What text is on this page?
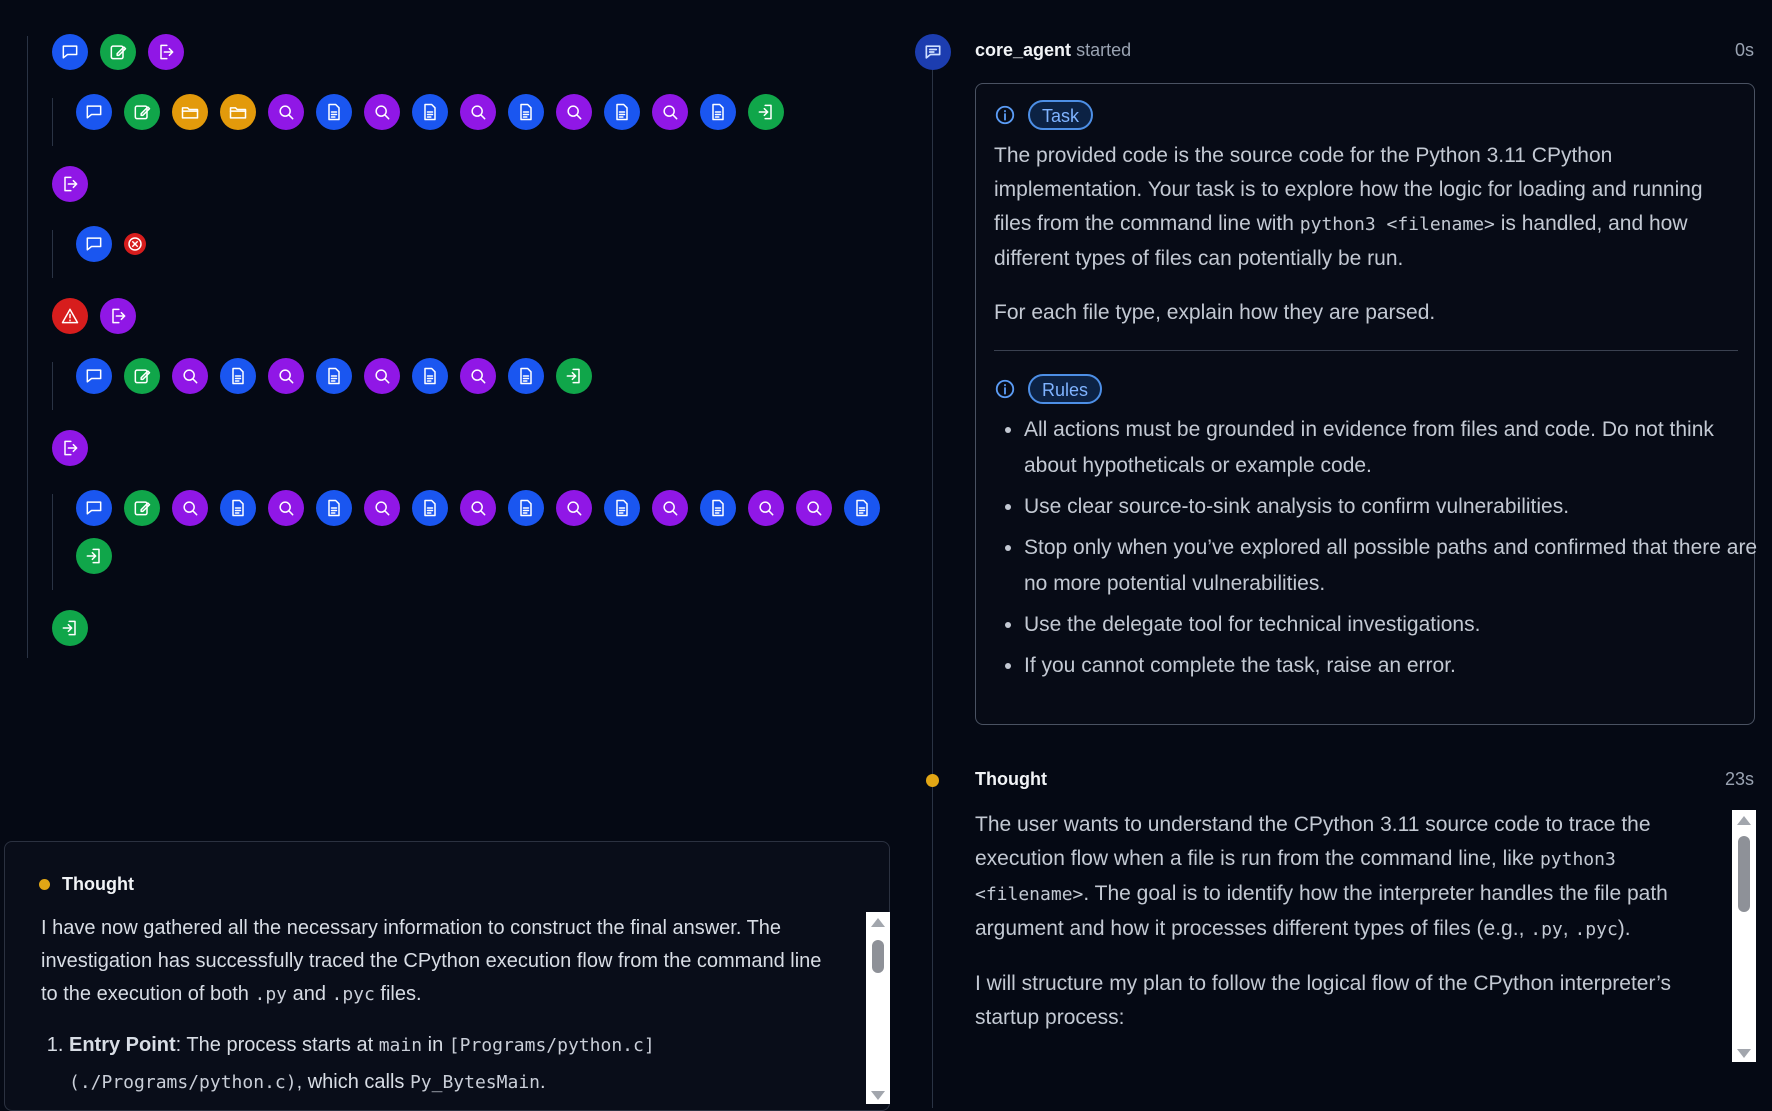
Thought

I have now gathered all the necessary information to construct the final answer. The investigation has successfully traced the CPython execution flow from the command line to the execution of both .py and .pyc files.

1. Entry Point: The process starts at main in [Programs/python.c]
(./Programs/python.c), which calls Py_BytesMain.
core_agent started	0s
Task

The provided code is the source code for the Python 3.11 CPython implementation. Your task is to explore how the logic for loading and running files from the command line with python3 <filename> is handled, and how different types of files can potentially be run.

For each file type, explain how they are parsed.

Rules
• All actions must be grounded in evidence from files and code. Do not think about hypotheticals or example code.
• Use clear source-to-sink analysis to confirm vulnerabilities.
• Stop only when you’ve explored all possible paths and confirmed that there are no more potential vulnerabilities.
• Use the delegate tool for technical investigations.
• If you cannot complete the task, raise an error.
Thought	23s

The user wants to understand the CPython 3.11 source code to trace the execution flow when a file is run from the command line, like python3 <filename>. The goal is to identify how the interpreter handles the file path argument and how it processes different types of files (e.g., .py, .pyc).

I will structure my plan to follow the logical flow of the CPython interpreter’s startup process:
